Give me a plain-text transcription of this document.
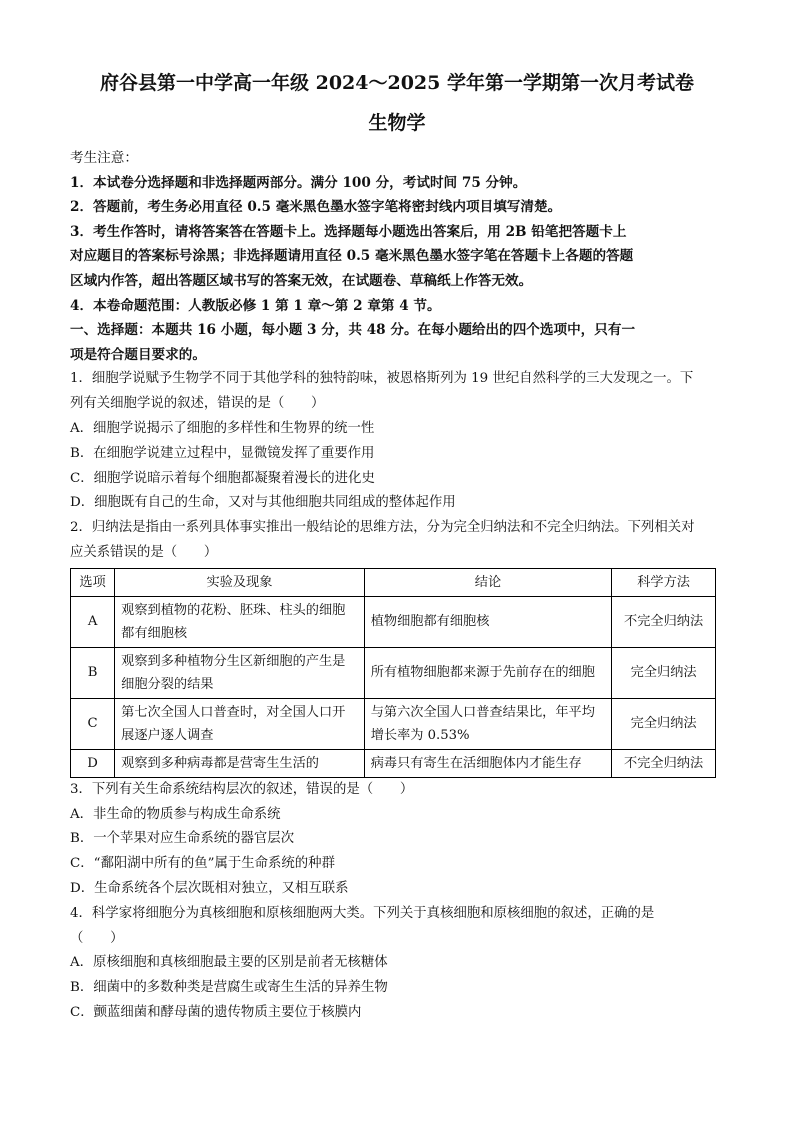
府谷县第一中学高一年级 2024～2025 学年第一学期第一次月考试卷

生物学

考生注意：

1．本试卷分选择题和非选择题两部分。满分 100 分，考试时间 75 分钟。

2．答题前，考生务必用直径 0.5 毫米黑色墨水签字笔将密封线内项目填写清楚。

3．考生作答时，请将答案答在答题卡上。选择题每小题选出答案后，用 2B 铅笔把答题卡上

对应题目的答案标号涂黑；非选择题请用直径 0.5 毫米黑色墨水签字笔在答题卡上各题的答题

区域内作答，超出答题区域书写的答案无效，在试题卷、草稿纸上作答无效。

4．本卷命题范围：人教版必修 1 第 1 章～第 2 章第 4 节。

一、选择题：本题共 16 小题，每小题 3 分，共 48 分。在每小题给出的四个选项中，只有一

项是符合题目要求的。

1．细胞学说赋予生物学不同于其他学科的独特韵味，被恩格斯列为 19 世纪自然科学的三大发现之一。下

列有关细胞学说的叙述，错误的是（　　）

A．细胞学说揭示了细胞的多样性和生物界的统一性

B．在细胞学说建立过程中，显微镜发挥了重要作用

C．细胞学说暗示着每个细胞都凝聚着漫长的进化史

D．细胞既有自己的生命，又对与其他细胞共同组成的整体起作用

2．归纳法是指由一系列具体事实推出一般结论的思维方法，分为完全归纳法和不完全归纳法。下列相关对

应关系错误的是（　　）

选项	实验及现象	结论	科学方法
A	观察到植物的花粉、胚珠、柱头的细胞都有细胞核	植物细胞都有细胞核	不完全归纳法
B	观察到多种植物分生区新细胞的产生是细胞分裂的结果	所有植物细胞都来源于先前存在的细胞	完全归纳法
C	第七次全国人口普查时，对全国人口开展逐户逐人调查	与第六次全国人口普查结果比，年平均增长率为 0.53%	完全归纳法
D	观察到多种病毒都是营寄生生活的	病毒只有寄生在活细胞体内才能生存	不完全归纳法

3．下列有关生命系统结构层次的叙述，错误的是（　　）

A．非生命的物质参与构成生命系统

B．一个苹果对应生命系统的器官层次

C．“鄱阳湖中所有的鱼”属于生命系统的种群

D．生命系统各个层次既相对独立，又相互联系

4．科学家将细胞分为真核细胞和原核细胞两大类。下列关于真核细胞和原核细胞的叙述，正确的是

（　　）

A．原核细胞和真核细胞最主要的区别是前者无核糖体

B．细菌中的多数种类是营腐生或寄生生活的异养生物

C．颤蓝细菌和酵母菌的遗传物质主要位于核膜内
